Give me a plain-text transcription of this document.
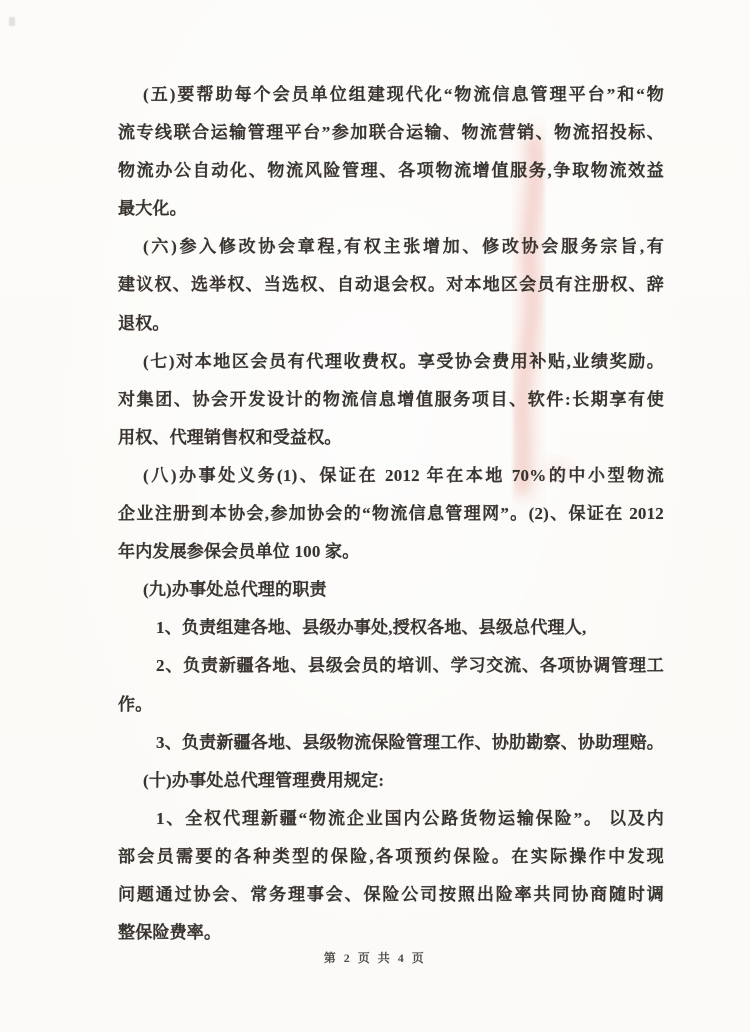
(五)要帮助每个会员单位组建现代化“物流信息管理平台”和“物
流专线联合运输管理平台”参加联合运输、物流营销、物流招投标、
物流办公自动化、物流风险管理、各项物流增值服务,争取物流效益
最大化。
(六)参入修改协会章程,有权主张增加、修改协会服务宗旨,有
建议权、选举权、当选权、自动退会权。对本地区会员有注册权、辞
退权。
(七)对本地区会员有代理收费权。享受协会费用补贴,业绩奖励。
对集团、协会开发设计的物流信息增值服务项目、软件:长期享有使
用权、代理销售权和受益权。
(八)办事处义务(1)、保证在 2012 年在本地 70%的中小型物流
企业注册到本协会,参加协会的“物流信息管理网”。(2)、保证在 2012
年内发展参保会员单位 100 家。
(九)办事处总代理的职责
1、负责组建各地、县级办事处,授权各地、县级总代理人,
2、负责新疆各地、县级会员的培训、学习交流、各项协调管理工
作。
3、负责新疆各地、县级物流保险管理工作、协肋勘察、协助理赔。
(十)办事处总代理管理费用规定:
1、全权代理新疆“物流企业国内公路货物运输保险”。 以及内
部会员需要的各种类型的保险,各项预约保险。在实际操作中发现
问题通过协会、常务理事会、保险公司按照出险率共同协商随时调
整保险费率。
第 2 页 共 4 页
